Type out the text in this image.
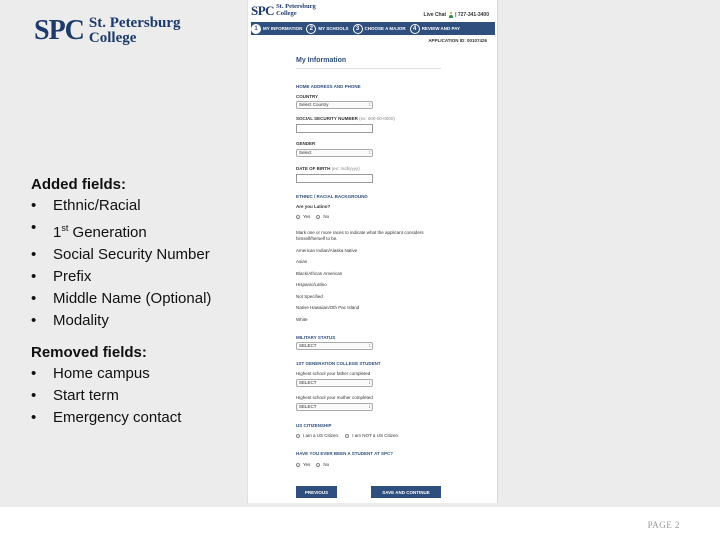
SPC St. Petersburg
College
Added fields:
•	Ethnic/Racial
•	1st Generation
•	Social Security Number
•	Prefix
•	Middle Name (Optional)
•	Modality
Removed fields:
•	Home campus
•	Start term
•	Emergency contact
SPC St. Petersburg
College	Live Chat | 727-341-3400
1	MY INFORMATION	2	MY SCHOOLS	3	CHOOSE A MAJOR	4	REVIEW AND PAY
APPLICATION ID: 00107426
My Information
HOME ADDRESS AND PHONE
COUNTRY
Select Country ↕
SOCIAL SECURITY NUMBER (ex: 000-00-0000)
GENDER
Select ↕
DATE OF BIRTH (ex: m/d/yyyy)
ETHNIC / RACIAL BACKGROUND
Are you Latino?
Yes	No
Mark one or more races to indicate what the applicant considers himself/herself to be.
American Indian/Alaska Native
Asian
Black/African American
Hispanic/Latino
Not Specified
Native Hawaiian/Oth Pac Island
White
MILITARY STATUS
SELECT ↕
1ST GENERATION COLLEGE STUDENT
Highest school your father completed
SELECT ↕
Highest school your mother completed
SELECT ↕
US CITIZENSHIP
I am a US Citizen.	I am NOT a US Citizen.
HAVE YOU EVER BEEN A STUDENT AT SPC?
Yes	No
PREVIOUS	SAVE AND CONTINUE
PAGE 2
